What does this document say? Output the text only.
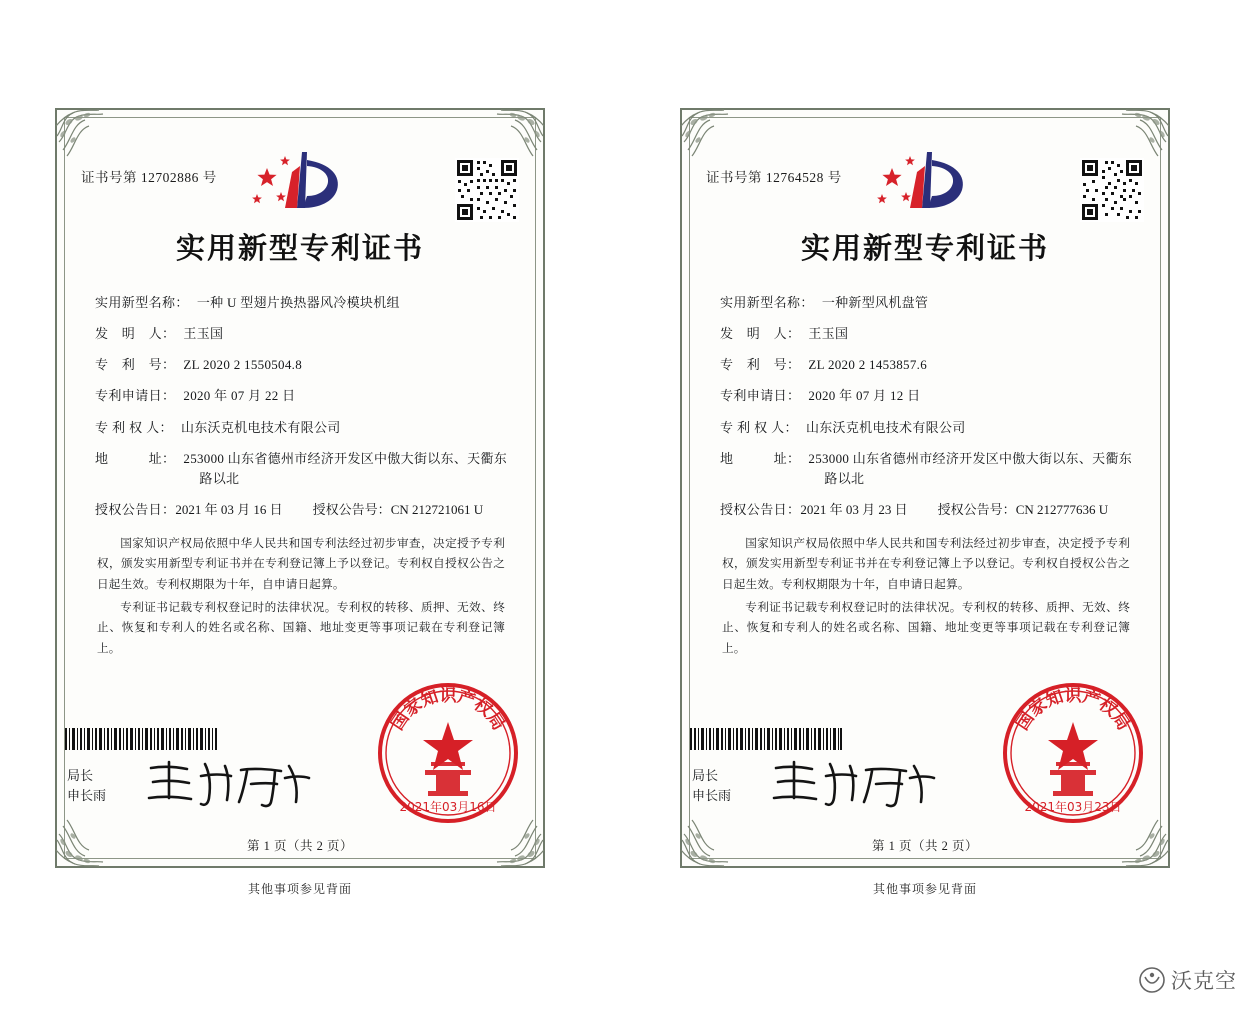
证书号第 12702886 号
实用新型专利证书
实用新型名称： 一种 U 型翅片换热器风冷模块机组
发　明　人： 王玉国
专　利　号： ZL 2020 2 1550504.8
专利申请日： 2020 年 07 月 22 日
专 利 权 人： 山东沃克机电技术有限公司
地　　　址： 253000 山东省德州市经济开发区中傲大街以东、天衢东
路以北
授权公告日： 2021 年 03 月 16 日 授权公告号： CN 212721061 U

国家知识产权局依照中华人民共和国专利法经过初步审查，决定授予专利权，颁发实用新型专利证书并在专利登记簿上予以登记。专利权自授权公告之日起生效。专利权期限为十年，自申请日起算。

专利证书记载专利权登记时的法律状况。专利权的转移、质押、无效、终止、恢复和专利人的姓名或名称、国籍、地址变更等事项记载在专利登记簿上。

局长
申长雨
国家知识产权局
2021年03月16日
第 1 页（共 2 页）
其他事项参见背面
证书号第 12764528 号
实用新型专利证书
实用新型名称： 一种新型风机盘管
发　明　人： 王玉国
专　利　号： ZL 2020 2 1453857.6
专利申请日： 2020 年 07 月 12 日
专 利 权 人： 山东沃克机电技术有限公司
地　　　址： 253000 山东省德州市经济开发区中傲大街以东、天衢东
路以北
授权公告日： 2021 年 03 月 23 日 授权公告号： CN 212777636 U

国家知识产权局依照中华人民共和国专利法经过初步审查，决定授予专利权，颁发实用新型专利证书并在专利登记簿上予以登记。专利权自授权公告之日起生效。专利权期限为十年，自申请日起算。

专利证书记载专利权登记时的法律状况。专利权的转移、质押、无效、终止、恢复和专利人的姓名或名称、国籍、地址变更等事项记载在专利登记簿上。

局长
申长雨
国家知识产权局
2021年03月23日
第 1 页（共 2 页）
其他事项参见背面
沃克空
